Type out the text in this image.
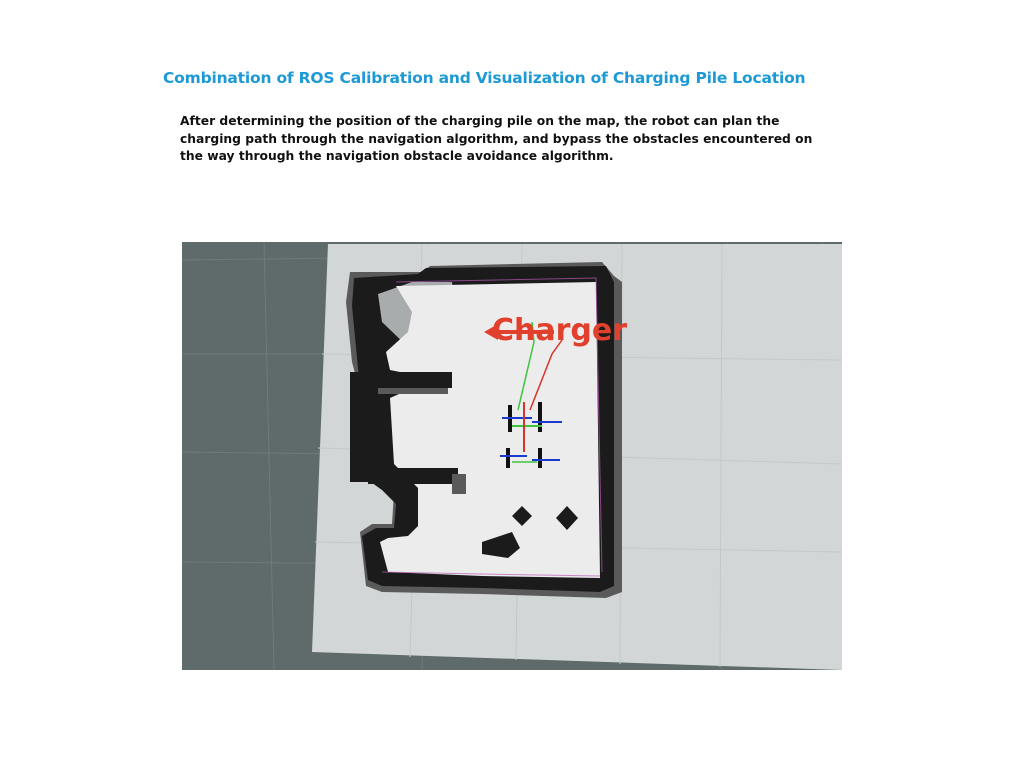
Combination of ROS Calibration and Visualization of Charging Pile Location
After determining the position of the charging pile on the map, the robot can plan the charging path through the navigation algorithm, and bypass the obstacles encountered on the way through the navigation obstacle avoidance algorithm.
Charger
.
.
